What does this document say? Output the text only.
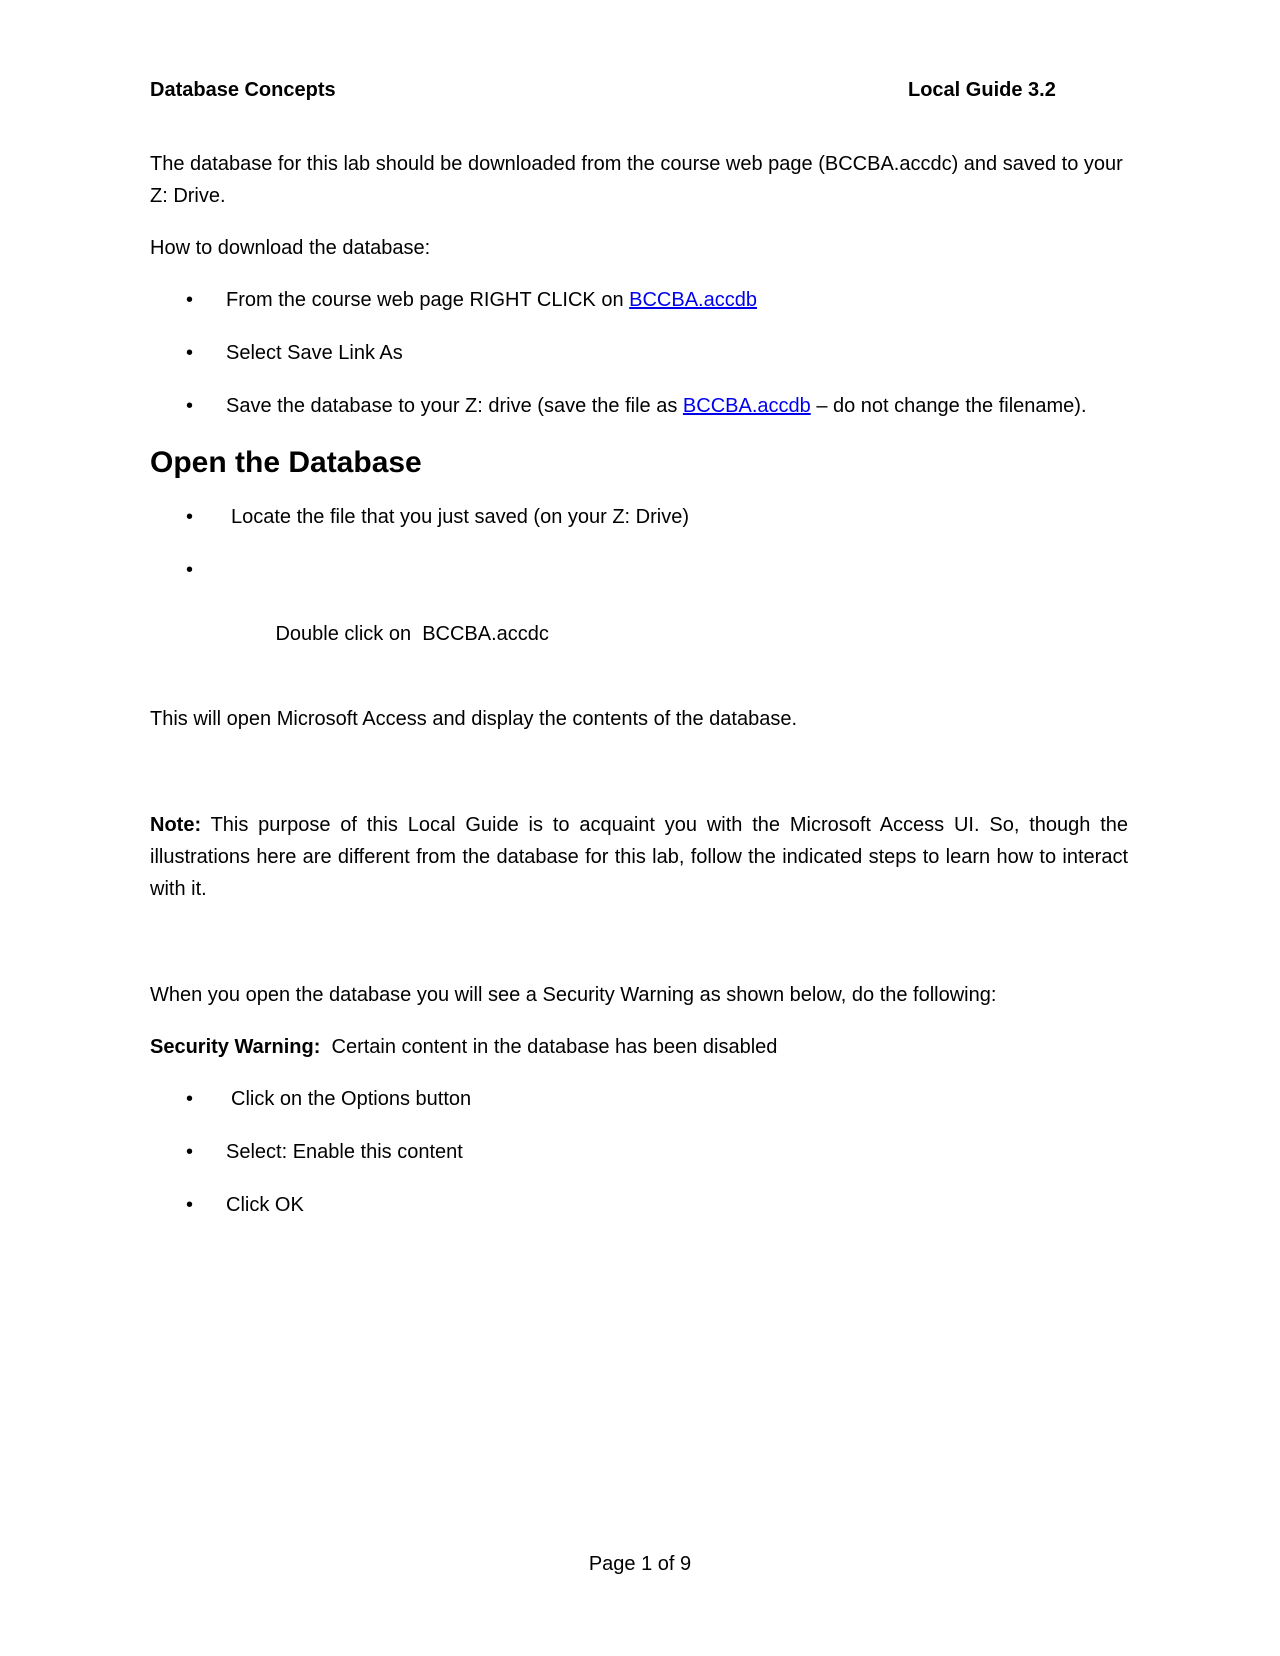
Database Concepts	Local Guide 3.2

The database for this lab should be downloaded from the course web page (BCCBA.accdc) and saved to your Z: Drive.

How to download the database:

• From the course web page RIGHT CLICK on BCCBA.accdb
• Select Save Link As
• Save the database to your Z: drive (save the file as BCCBA.accdb – do not change the filename).
Open the Database
• Locate the file that you just saved (on your Z: Drive)

•

Double click on  BCCBA.accdc

This will open Microsoft Access and display the contents of the database.

Note: This purpose of this Local Guide is to acquaint you with the Microsoft Access UI. So, though the illustrations here are different from the database for this lab, follow the indicated steps to learn how to interact with it.

When you open the database you will see a Security Warning as shown below, do the following:

Security Warning:  Certain content in the database has been disabled

• Click on the Options button
• Select: Enable this content
• Click OK
Page 1 of 9
